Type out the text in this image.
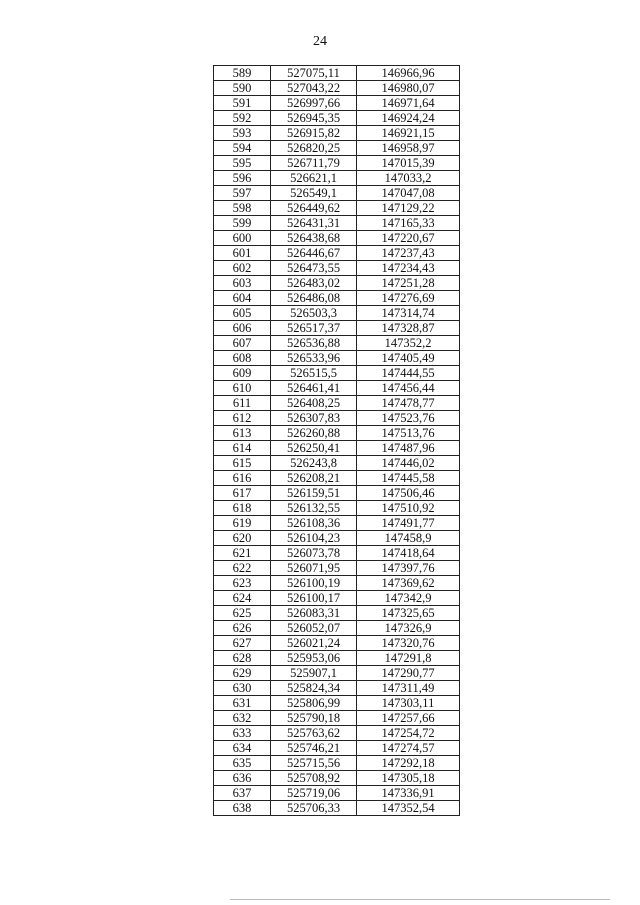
24
589	527075,11	146966,96
590	527043,22	146980,07
591	526997,66	146971,64
592	526945,35	146924,24
593	526915,82	146921,15
594	526820,25	146958,97
595	526711,79	147015,39
596	526621,1	147033,2
597	526549,1	147047,08
598	526449,62	147129,22
599	526431,31	147165,33
600	526438,68	147220,67
601	526446,67	147237,43
602	526473,55	147234,43
603	526483,02	147251,28
604	526486,08	147276,69
605	526503,3	147314,74
606	526517,37	147328,87
607	526536,88	147352,2
608	526533,96	147405,49
609	526515,5	147444,55
610	526461,41	147456,44
611	526408,25	147478,77
612	526307,83	147523,76
613	526260,88	147513,76
614	526250,41	147487,96
615	526243,8	147446,02
616	526208,21	147445,58
617	526159,51	147506,46
618	526132,55	147510,92
619	526108,36	147491,77
620	526104,23	147458,9
621	526073,78	147418,64
622	526071,95	147397,76
623	526100,19	147369,62
624	526100,17	147342,9
625	526083,31	147325,65
626	526052,07	147326,9
627	526021,24	147320,76
628	525953,06	147291,8
629	525907,1	147290,77
630	525824,34	147311,49
631	525806,99	147303,11
632	525790,18	147257,66
633	525763,62	147254,72
634	525746,21	147274,57
635	525715,56	147292,18
636	525708,92	147305,18
637	525719,06	147336,91
638	525706,33	147352,54
